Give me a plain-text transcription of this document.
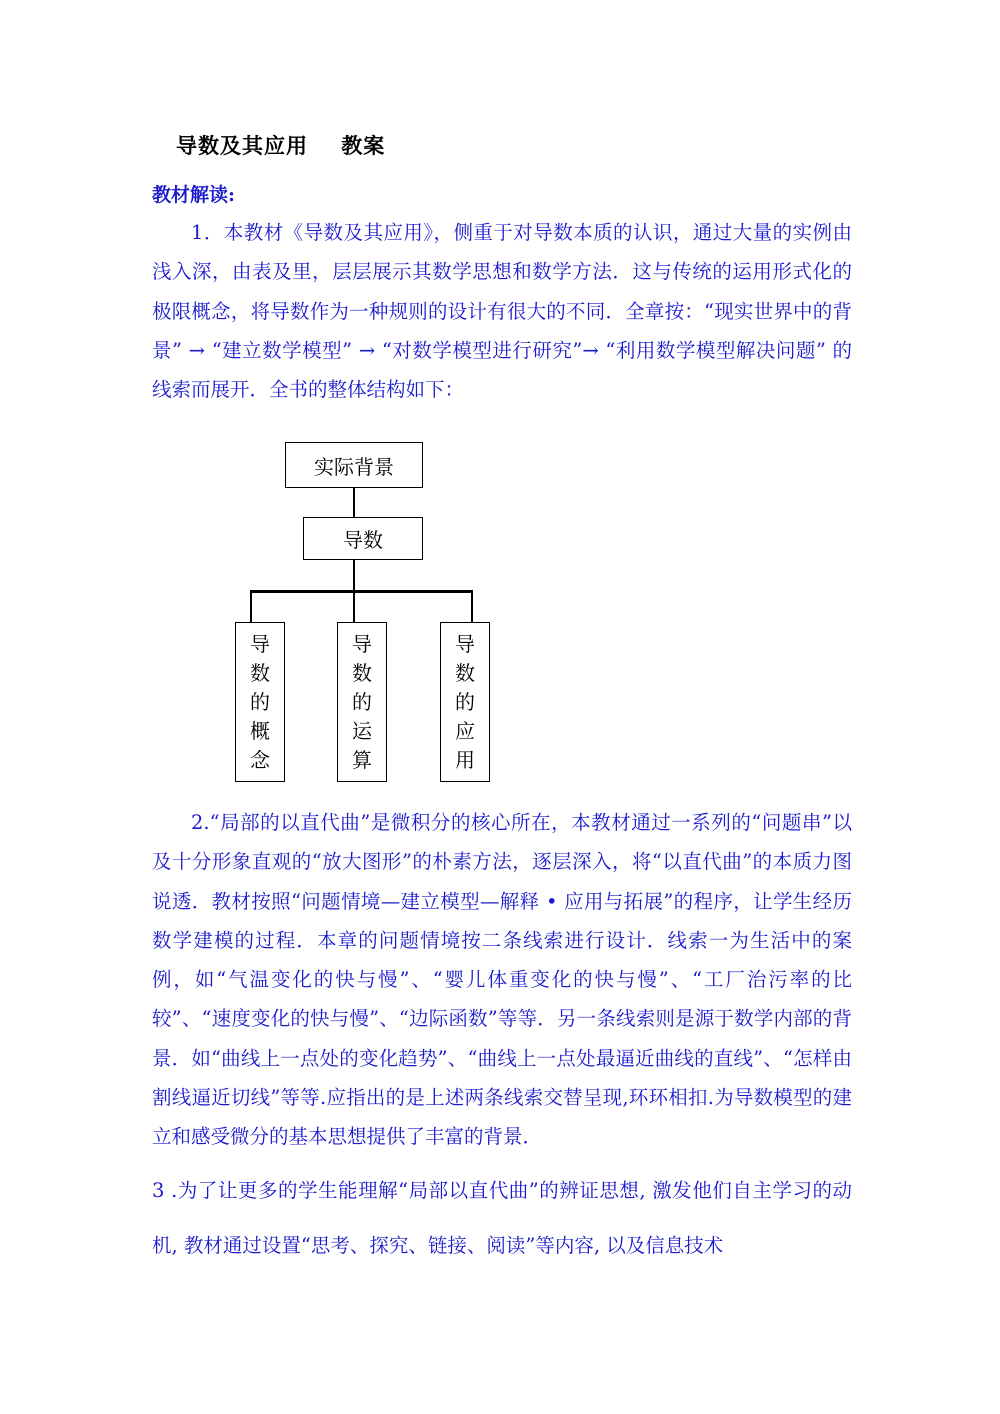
导数及其应用    教案
教材解读:

1．本教材《导数及其应用》，侧重于对导数本质的认识，通过大量的实例由浅入深，由表及里，层层展示其数学思想和数学方法．这与传统的运用形式化的极限概念，将导数作为一种规则的设计有很大的不同．全章按：“现实世界中的背景” → “建立数学模型” → “对数学模型进行研究”→ “利用数学模型解决问题” 的线索而展开．全书的整体结构如下：

实际背景
导数
导
数
的
概
念
导
数
的
运
算
导
数
的
应
用

2.“局部的以直代曲”是微积分的核心所在，本教材通过一系列的“问题串”以及十分形象直观的“放大图形”的朴素方法，逐层深入，将“以直代曲”的本质力图说透．教材按照“问题情境—建立模型—解释 • 应用与拓展”的程序，让学生经历数学建模的过程．本章的问题情境按二条线索进行设计．线索一为生活中的案例，如“气温变化的快与慢”、“婴儿体重变化的快与慢”、“工厂治污率的比较”、“速度变化的快与慢”、“边际函数”等等．另一条线索则是源于数学内部的背景．如“曲线上一点处的变化趋势”、“曲线上一点处最逼近曲线的直线”、“怎样由割线逼近切线”等等.应指出的是上述两条线索交替呈现,环环相扣.为导数模型的建立和感受微分的基本思想提供了丰富的背景．

3 .为了让更多的学生能理解“局部以直代曲”的辨证思想, 激发他们自主学习的动机, 教材通过设置“思考、探究、链接、阅读”等内容, 以及信息技术
